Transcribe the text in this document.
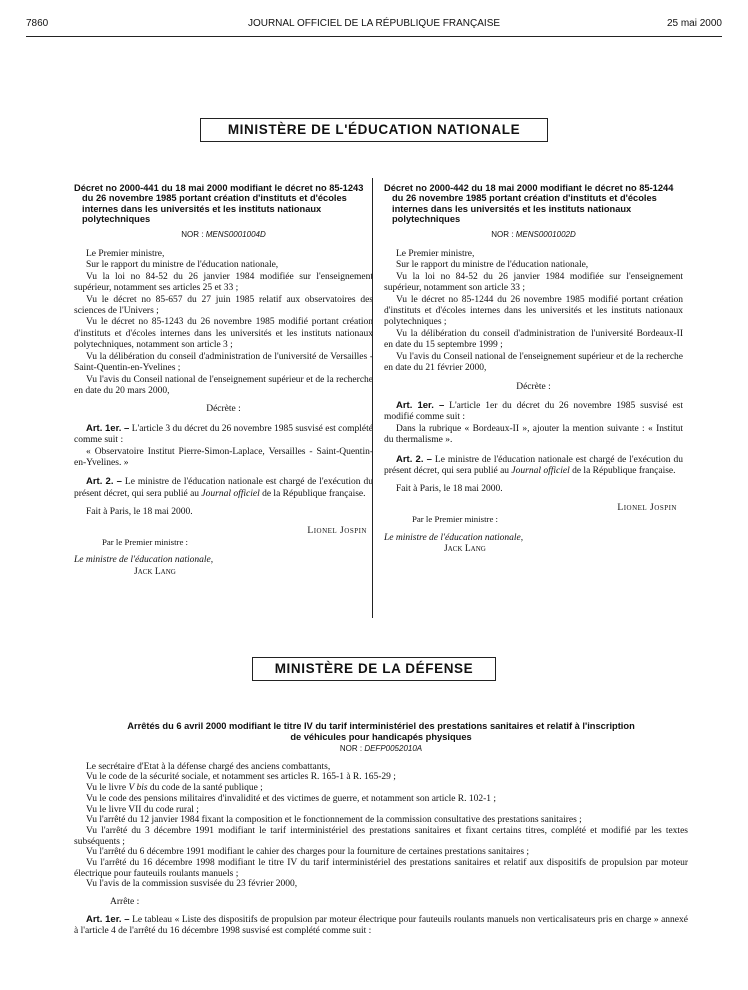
7860	JOURNAL OFFICIEL DE LA RÉPUBLIQUE FRANÇAISE	25 mai 2000
MINISTÈRE DE L'ÉDUCATION NATIONALE

Décret no 2000-441 du 18 mai 2000 modifiant le décret no 85-1243 du 26 novembre 1985 portant création d'instituts et d'écoles internes dans les universités et les instituts nationaux polytechniques

NOR : MENS0001004D

Le Premier ministre,

Sur le rapport du ministre de l'éducation nationale,

Vu la loi no 84-52 du 26 janvier 1984 modifiée sur l'enseignement supérieur, notamment ses articles 25 et 33 ;

Vu le décret no 85-657 du 27 juin 1985 relatif aux observatoires des sciences de l'Univers ;

Vu le décret no 85-1243 du 26 novembre 1985 modifié portant création d'instituts et d'écoles internes dans les universités et les instituts nationaux polytechniques, notamment son article 3 ;

Vu la délibération du conseil d'administration de l'université de Versailles - Saint-Quentin-en-Yvelines ;

Vu l'avis du Conseil national de l'enseignement supérieur et de la recherche en date du 20 mars 2000,

Décrète :

Art. 1er. – L'article 3 du décret du 26 novembre 1985 susvisé est complété comme suit :

« Observatoire Institut Pierre-Simon-Laplace, Versailles - Saint-Quentin-en-Yvelines. »

Art. 2. – Le ministre de l'éducation nationale est chargé de l'exécution du présent décret, qui sera publié au Journal officiel de la République française.

Fait à Paris, le 18 mai 2000.

Lionel Jospin
Par le Premier ministre :
Le ministre de l'éducation nationale,
Jack Lang

Décret no 2000-442 du 18 mai 2000 modifiant le décret no 85-1244 du 26 novembre 1985 portant création d'instituts et d'écoles internes dans les universités et les instituts nationaux polytechniques

NOR : MENS0001002D

Le Premier ministre,

Sur le rapport du ministre de l'éducation nationale,

Vu la loi no 84-52 du 26 janvier 1984 modifiée sur l'enseignement supérieur, notamment son article 33 ;

Vu le décret no 85-1244 du 26 novembre 1985 modifié portant création d'instituts et d'écoles internes dans les universités et les instituts nationaux polytechniques ;

Vu la délibération du conseil d'administration de l'université Bordeaux-II en date du 15 septembre 1999 ;

Vu l'avis du Conseil national de l'enseignement supérieur et de la recherche en date du 21 février 2000,

Décrète :

Art. 1er. – L'article 1er du décret du 26 novembre 1985 susvisé est modifié comme suit :

Dans la rubrique « Bordeaux-II », ajouter la mention suivante : « Institut du thermalisme ».

Art. 2. – Le ministre de l'éducation nationale est chargé de l'exécution du présent décret, qui sera publié au Journal officiel de la République française.

Fait à Paris, le 18 mai 2000.

Lionel Jospin
Par le Premier ministre :
Le ministre de l'éducation nationale,
Jack Lang
MINISTÈRE DE LA DÉFENSE

Arrêtés du 6 avril 2000 modifiant le titre IV du tarif interministériel des prestations sanitaires et relatif à l'inscription de véhicules pour handicapés physiques

NOR : DEFP0052010A

Le secrétaire d'Etat à la défense chargé des anciens combattants,

Vu le code de la sécurité sociale, et notamment ses articles R. 165-1 à R. 165-29 ;

Vu le livre V bis du code de la santé publique ;

Vu le code des pensions militaires d'invalidité et des victimes de guerre, et notamment son article R. 102-1 ;

Vu le livre VII du code rural ;

Vu l'arrêté du 12 janvier 1984 fixant la composition et le fonctionnement de la commission consultative des prestations sanitaires ;

Vu l'arrêté du 3 décembre 1991 modifiant le tarif interministériel des prestations sanitaires et fixant certains titres, complété et modifié par les textes subséquents ;

Vu l'arrêté du 6 décembre 1991 modifiant le cahier des charges pour la fourniture de certaines prestations sanitaires ;

Vu l'arrêté du 16 décembre 1998 modifiant le titre IV du tarif interministériel des prestations sanitaires et relatif aux dispositifs de propulsion par moteur électrique pour fauteuils roulants manuels ;

Vu l'avis de la commission susvisée du 23 février 2000,

Arrête :

Art. 1er. – Le tableau « Liste des dispositifs de propulsion par moteur électrique pour fauteuils roulants manuels non verticalisateurs pris en charge » annexé à l'article 4 de l'arrêté du 16 décembre 1998 susvisé est complété comme suit :
